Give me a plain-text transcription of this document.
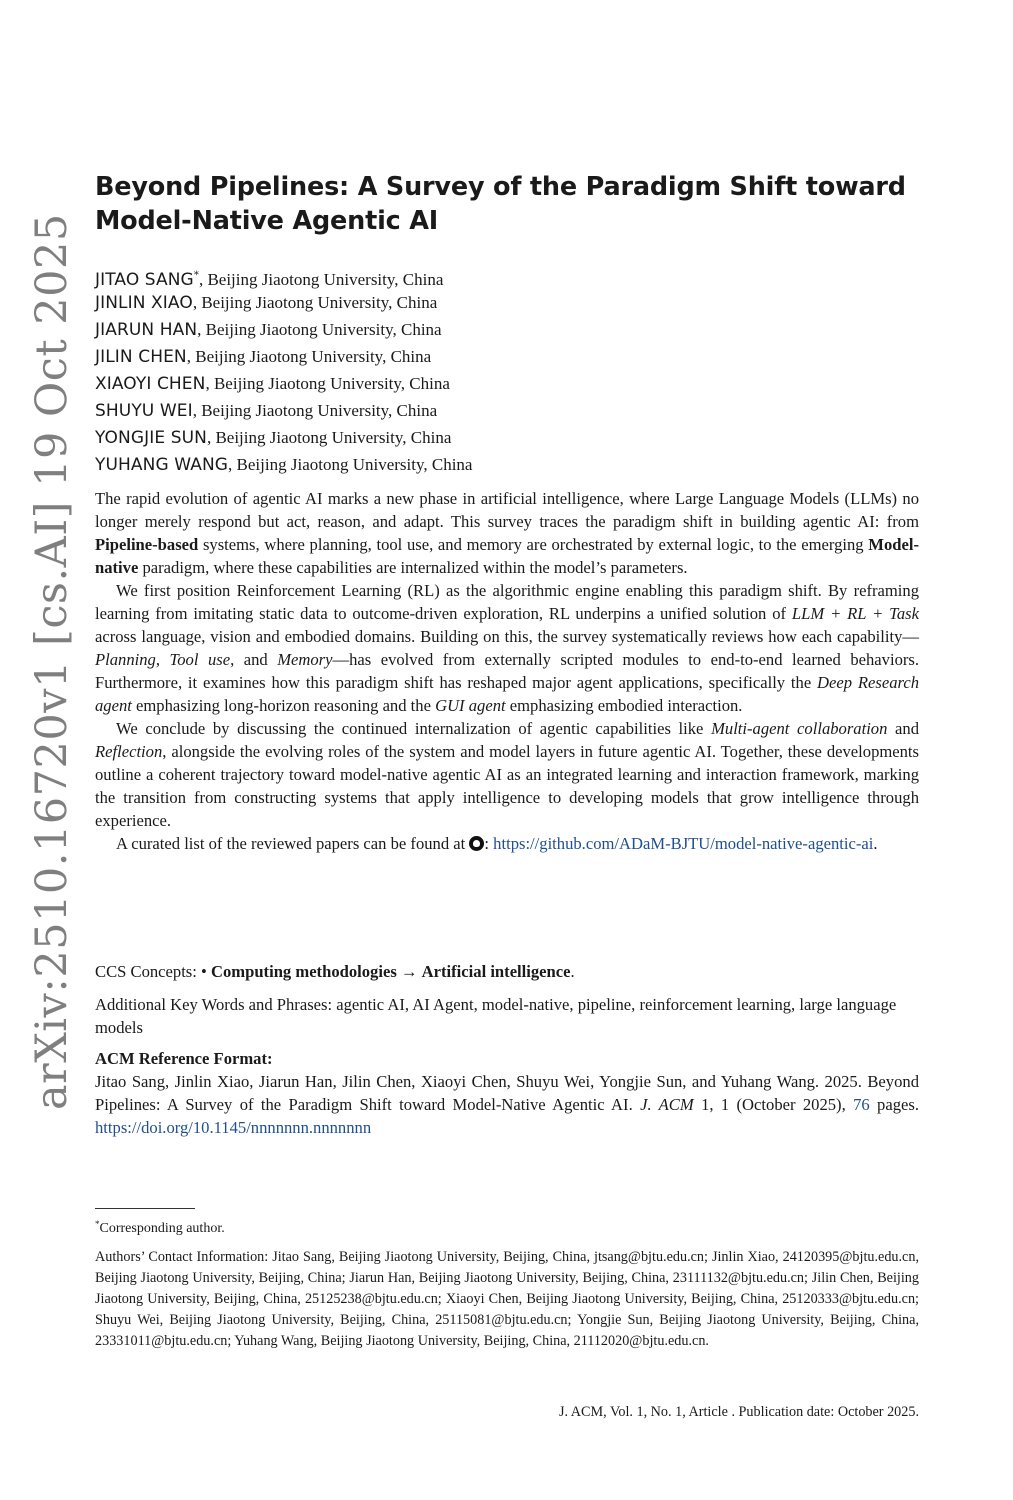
arXiv:2510.16720v1 [cs.AI] 19 Oct 2025
Beyond Pipelines: A Survey of the Paradigm Shift toward Model-Native Agentic AI
JITAO SANG*, Beijing Jiaotong University, China
JINLIN XIAO, Beijing Jiaotong University, China
JIARUN HAN, Beijing Jiaotong University, China
JILIN CHEN, Beijing Jiaotong University, China
XIAOYI CHEN, Beijing Jiaotong University, China
SHUYU WEI, Beijing Jiaotong University, China
YONGJIE SUN, Beijing Jiaotong University, China
YUHANG WANG, Beijing Jiaotong University, China

The rapid evolution of agentic AI marks a new phase in artificial intelligence, where Large Language Models (LLMs) no longer merely respond but act, reason, and adapt. This survey traces the paradigm shift in building agentic AI: from Pipeline-based systems, where planning, tool use, and memory are orchestrated by external logic, to the emerging Model-native paradigm, where these capabilities are internalized within the model’s parameters.

We first position Reinforcement Learning (RL) as the algorithmic engine enabling this paradigm shift. By reframing learning from imitating static data to outcome-driven exploration, RL underpins a unified solution of LLM + RL + Task across language, vision and embodied domains. Building on this, the survey systematically reviews how each capability—Planning, Tool use, and Memory—has evolved from externally scripted modules to end-to-end learned behaviors. Furthermore, it examines how this paradigm shift has reshaped major agent applications, specifically the Deep Research agent emphasizing long-horizon reasoning and the GUI agent emphasizing embodied interaction.

We conclude by discussing the continued internalization of agentic capabilities like Multi-agent collaboration and Reflection, alongside the evolving roles of the system and model layers in future agentic AI. Together, these developments outline a coherent trajectory toward model-native agentic AI as an integrated learning and interaction framework, marking the transition from constructing systems that apply intelligence to developing models that grow intelligence through experience.

A curated list of the reviewed papers can be found at : https://github.com/ADaM-BJTU/model-native-agentic-ai.

CCS Concepts: • Computing methodologies → Artificial intelligence.
Additional Key Words and Phrases: agentic AI, AI Agent, model-native, pipeline, reinforcement learning, large language models
ACM Reference Format:
Jitao Sang, Jinlin Xiao, Jiarun Han, Jilin Chen, Xiaoyi Chen, Shuyu Wei, Yongjie Sun, and Yuhang Wang. 2025. Beyond Pipelines: A Survey of the Paradigm Shift toward Model-Native Agentic AI. J. ACM 1, 1 (October 2025), 76 pages. https://doi.org/10.1145/nnnnnnn.nnnnnnn
*Corresponding author.
Authors’ Contact Information: Jitao Sang, Beijing Jiaotong University, Beijing, China, jtsang@bjtu.edu.cn; Jinlin Xiao, 24120395@bjtu.edu.cn, Beijing Jiaotong University, Beijing, China; Jiarun Han, Beijing Jiaotong University, Beijing, China, 23111132@bjtu.edu.cn; Jilin Chen, Beijing Jiaotong University, Beijing, China, 25125238@bjtu.edu.cn; Xiaoyi Chen, Beijing Jiaotong University, Beijing, China, 25120333@bjtu.edu.cn; Shuyu Wei, Beijing Jiaotong University, Beijing, China, 25115081@bjtu.edu.cn; Yongjie Sun, Beijing Jiaotong University, Beijing, China, 23331011@bjtu.edu.cn; Yuhang Wang, Beijing Jiaotong University, Beijing, China, 21112020@bjtu.edu.cn.
J. ACM, Vol. 1, No. 1, Article . Publication date: October 2025.
